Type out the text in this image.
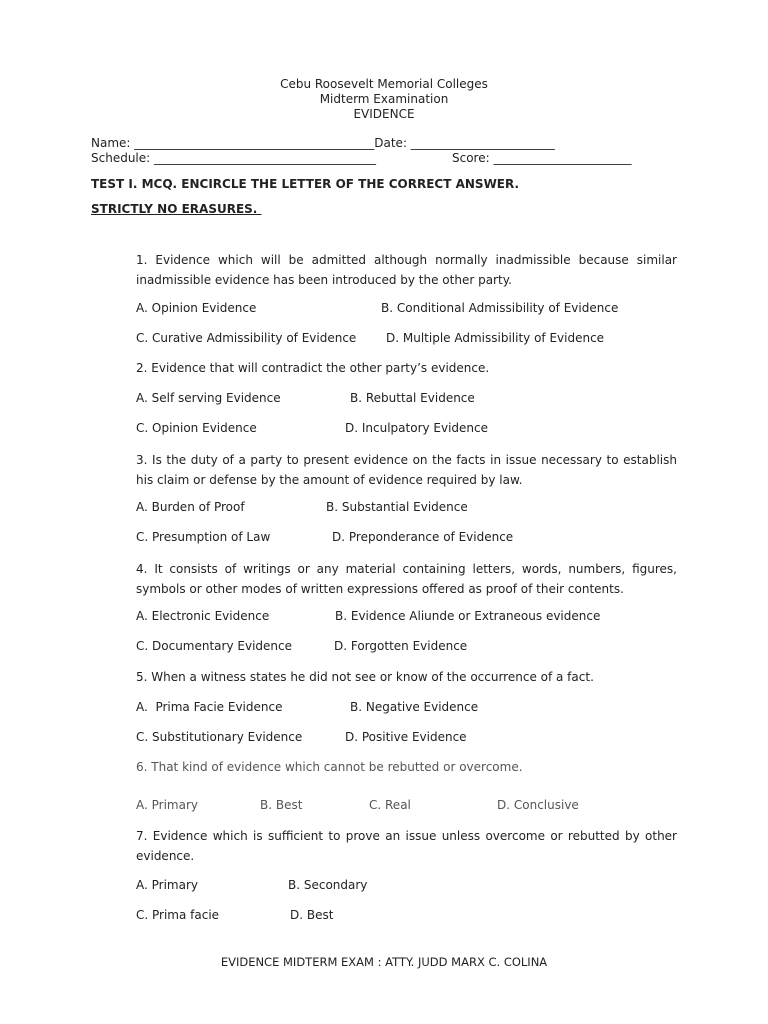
Cebu Roosevelt Memorial Colleges
Midterm Examination
EVIDENCE
Name: ________________________________________Date: ________________________
Schedule: _____________________________________	Score: _______________________
TEST I. MCQ. ENCIRCLE THE LETTER OF THE CORRECT ANSWER.
STRICTLY NO ERASURES.
1. Evidence which will be admitted although normally inadmissible because similar inadmissible evidence has been introduced by the other party.
A. Opinion Evidence	B. Conditional Admissibility of Evidence
C. Curative Admissibility of Evidence D. Multiple Admissibility of Evidence
2. Evidence that will contradict the other party’s evidence.
A. Self serving Evidence	B. Rebuttal Evidence
C. Opinion Evidence	D. Inculpatory Evidence
3. Is the duty of a party to present evidence on the facts in issue necessary to establish his claim or defense by the amount of evidence required by law.
A. Burden of Proof	B. Substantial Evidence
C. Presumption of Law	D. Preponderance of Evidence
4. It consists of writings or any material containing letters, words, numbers, figures, symbols or other modes of written expressions offered as proof of their contents.
A. Electronic Evidence	B. Evidence Aliunde or Extraneous evidence
C. Documentary Evidence	D. Forgotten Evidence
5. When a witness states he did not see or know of the occurrence of a fact.
A.  Prima Facie Evidence	B. Negative Evidence
C. Substitutionary Evidence	D. Positive Evidence
6. That kind of evidence which cannot be rebutted or overcome.
A. Primary	B. Best	C. Real	D. Conclusive
7. Evidence which is sufficient to prove an issue unless overcome or rebutted by other evidence.
A. Primary	B. Secondary
C. Prima facie	D. Best
EVIDENCE MIDTERM EXAM : ATTY. JUDD MARX C. COLINA
